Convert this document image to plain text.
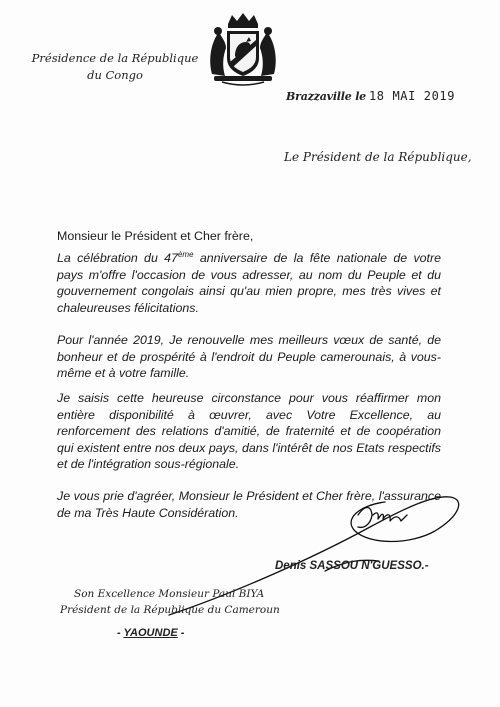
Présidence de la République
du Congo
Brazzaville le 18 MAI 2019
Le Président de la République,

Monsieur le Président et Cher frère,

La célébration du 47ème anniversaire de la fête nationale de votre pays m'offre l'occasion de vous adresser, au nom du Peuple et du gouvernement congolais ainsi qu'au mien propre, mes très vives et chaleureuses félicitations.

Pour l'année 2019, Je renouvelle mes meilleurs vœux de santé, de bonheur et de prospérité à l'endroit du Peuple camerounais, à vous-même et à votre famille.

Je saisis cette heureuse circonstance pour vous réaffirmer mon entière disponibilité à œuvrer, avec Votre Excellence, au renforcement des relations d'amitié, de fraternité et de coopération qui existent entre nos deux pays, dans l'intérêt de nos Etats respectifs et de l'intégration sous-régionale.

Je vous prie d'agréer, Monsieur le Président et Cher frère, l'assurance de ma Très Haute Considération.

Denis SASSOU N'GUESSO.-
Son Excellence Monsieur Paul BIYA
Président de la République du Cameroun
- YAOUNDE -
